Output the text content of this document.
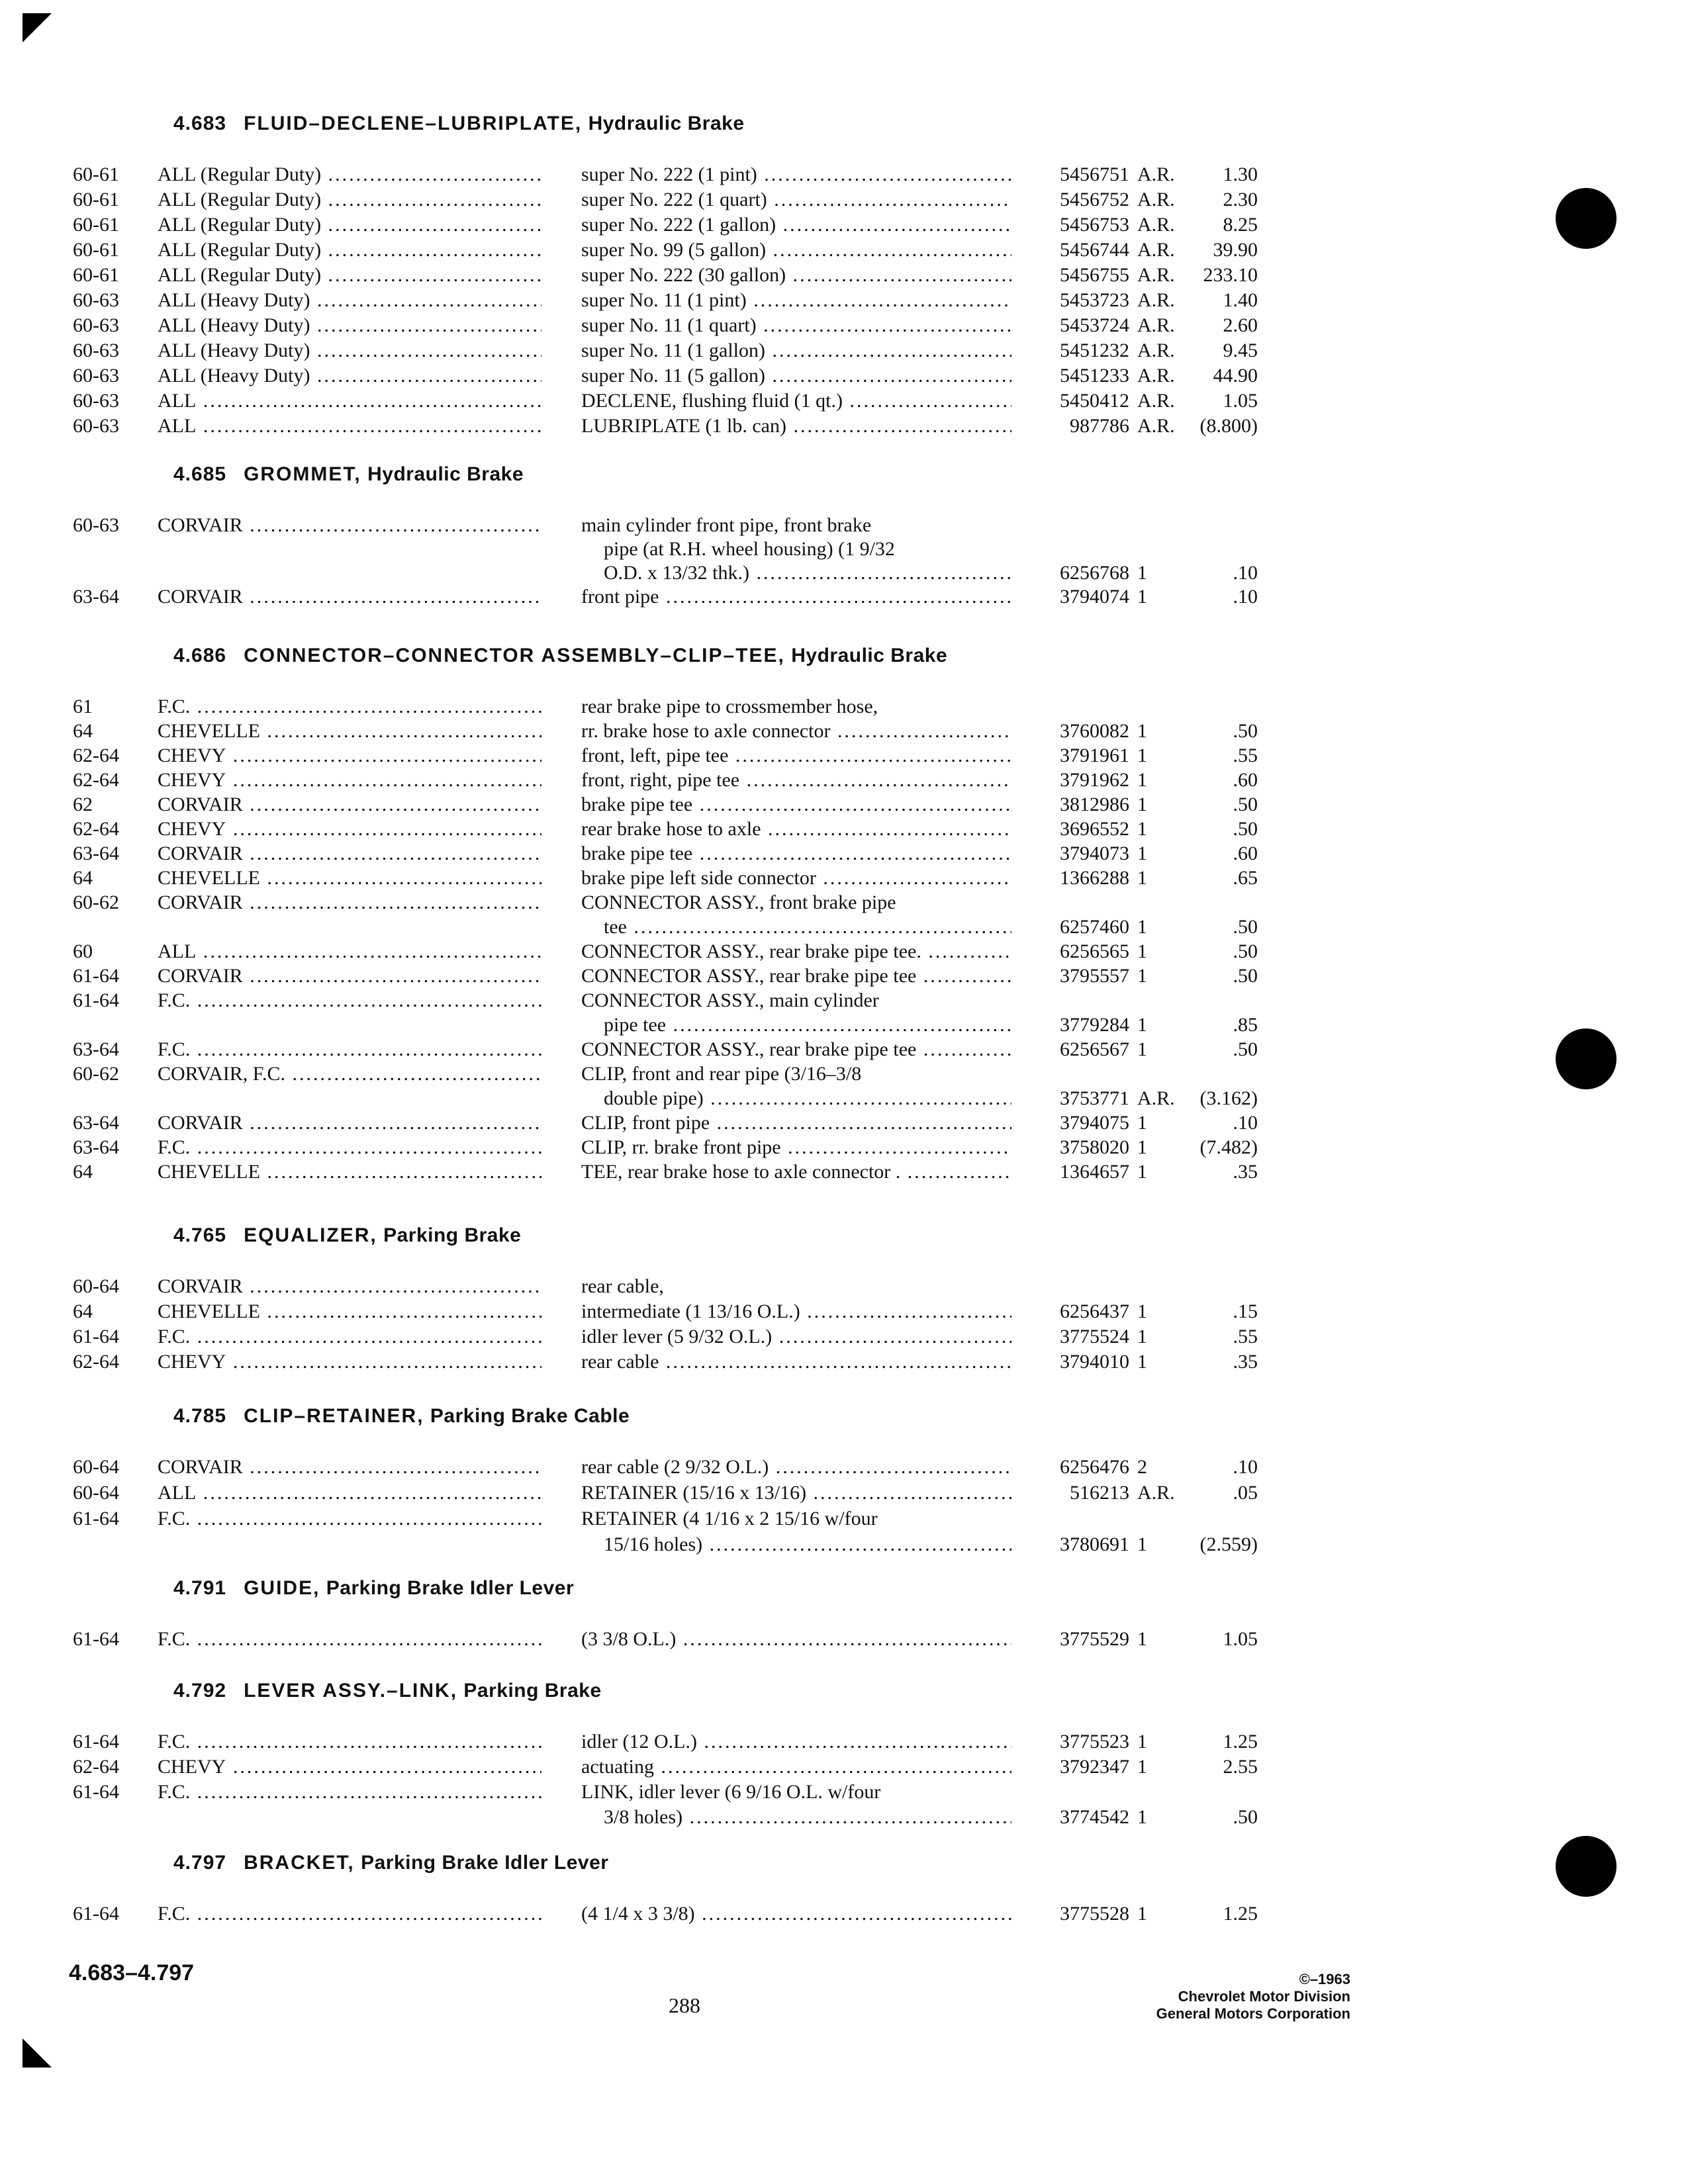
4.683 FLUID–DECLENE–LUBRIPLATE, Hydraulic Brake
60-61	ALL (Regular Duty) .....	super No. 222 (1 pint) .....	5456751 A.R.	1.30
60-61	ALL (Regular Duty) .....	super No. 222 (1 quart) .....	5456752 A.R.	2.30
60-61	ALL (Regular Duty) .....	super No. 222 (1 gallon) .....	5456753 A.R.	8.25
60-61	ALL (Regular Duty) .....	super No. 99 (5 gallon) .....	5456744 A.R.	39.90
60-61	ALL (Regular Duty) .....	super No. 222 (30 gallon) .....	5456755 A.R.	233.10
60-63	ALL (Heavy Duty) .....	super No. 11 (1 pint) .....	5453723 A.R.	1.40
60-63	ALL (Heavy Duty) .....	super No. 11 (1 quart) .....	5453724 A.R.	2.60
60-63	ALL (Heavy Duty) .....	super No. 11 (1 gallon) .....	5451232 A.R.	9.45
60-63	ALL (Heavy Duty) .....	super No. 11 (5 gallon) .....	5451233 A.R.	44.90
60-63	ALL .....	DECLENE, flushing fluid (1 qt.) .....	5450412 A.R.	1.05
60-63	ALL .....	LUBRIPLATE (1 lb. can) .....	987786 A.R.	(8.800)
4.685 GROMMET, Hydraulic Brake
60-63	CORVAIR .....	main cylinder front pipe, front brake
pipe (at R.H. wheel housing) (1 9/32
O.D. x 13/32 thk.) .....	6256768 1	.10
63-64	CORVAIR .....	front pipe .....	3794074 1	.10
4.686 CONNECTOR–CONNECTOR ASSEMBLY–CLIP–TEE, Hydraulic Brake
61	F.C. .....	rear brake pipe to crossmember hose,
64	CHEVELLE .....	rr. brake hose to axle connector .....	3760082 1	.50
62-64	CHEVY .....	front, left, pipe tee .....	3791961 1	.55
62-64	CHEVY .....	front, right, pipe tee .....	3791962 1	.60
62	CORVAIR .....	brake pipe tee .....	3812986 1	.50
62-64	CHEVY .....	rear brake hose to axle .....	3696552 1	.50
63-64	CORVAIR .....	brake pipe tee .....	3794073 1	.60
64	CHEVELLE .....	brake pipe left side connector .....	1366288 1	.65
60-62	CORVAIR .....	CONNECTOR ASSY., front brake pipe
tee .....	6257460 1	.50
60	ALL .....	CONNECTOR ASSY., rear brake pipe tee. .....	6256565 1	.50
61-64	CORVAIR .....	CONNECTOR ASSY., rear brake pipe tee .....	3795557 1	.50
61-64	F.C. .....	CONNECTOR ASSY., main cylinder
pipe tee .....	3779284 1	.85
63-64	F.C. .....	CONNECTOR ASSY., rear brake pipe tee .....	6256567 1	.50
60-62	CORVAIR, F.C. .....	CLIP, front and rear pipe (3/16–3/8
double pipe) .....	3753771 A.R.	(3.162)
63-64	CORVAIR .....	CLIP, front pipe .....	3794075 1	.10
63-64	F.C. .....	CLIP, rr. brake front pipe .....	3758020 1	(7.482)
64	CHEVELLE .....	TEE, rear brake hose to axle connector . .....	1364657 1	.35
4.765 EQUALIZER, Parking Brake
60-64	CORVAIR .....	rear cable,
64	CHEVELLE .....	intermediate (1 13/16 O.L.) .....	6256437 1	.15
61-64	F.C. .....	idler lever (5 9/32 O.L.) .....	3775524 1	.55
62-64	CHEVY .....	rear cable .....	3794010 1	.35
4.785 CLIP–RETAINER, Parking Brake Cable
60-64	CORVAIR .....	rear cable (2 9/32 O.L.) .....	6256476 2	.10
60-64	ALL .....	RETAINER (15/16 x 13/16) .....	516213 A.R.	.05
61-64	F.C. .....	RETAINER (4 1/16 x 2 15/16 w/four
15/16 holes) .....	3780691 1	(2.559)
4.791 GUIDE, Parking Brake Idler Lever
61-64	F.C. .....	(3 3/8 O.L.) .....	3775529 1	1.05
4.792 LEVER ASSY.–LINK, Parking Brake
61-64	F.C. .....	idler (12 O.L.) .....	3775523 1	1.25
62-64	CHEVY .....	actuating .....	3792347 1	2.55
61-64	F.C. .....	LINK, idler lever (6 9/16 O.L. w/four
3/8 holes) .....	3774542 1	.50
4.797 BRACKET, Parking Brake Idler Lever
61-64	F.C. .....	(4 1/4 x 3 3/8) .....	3775528 1	1.25
4.683–4.797
288
©–1963
Chevrolet Motor Division
General Motors Corporation
